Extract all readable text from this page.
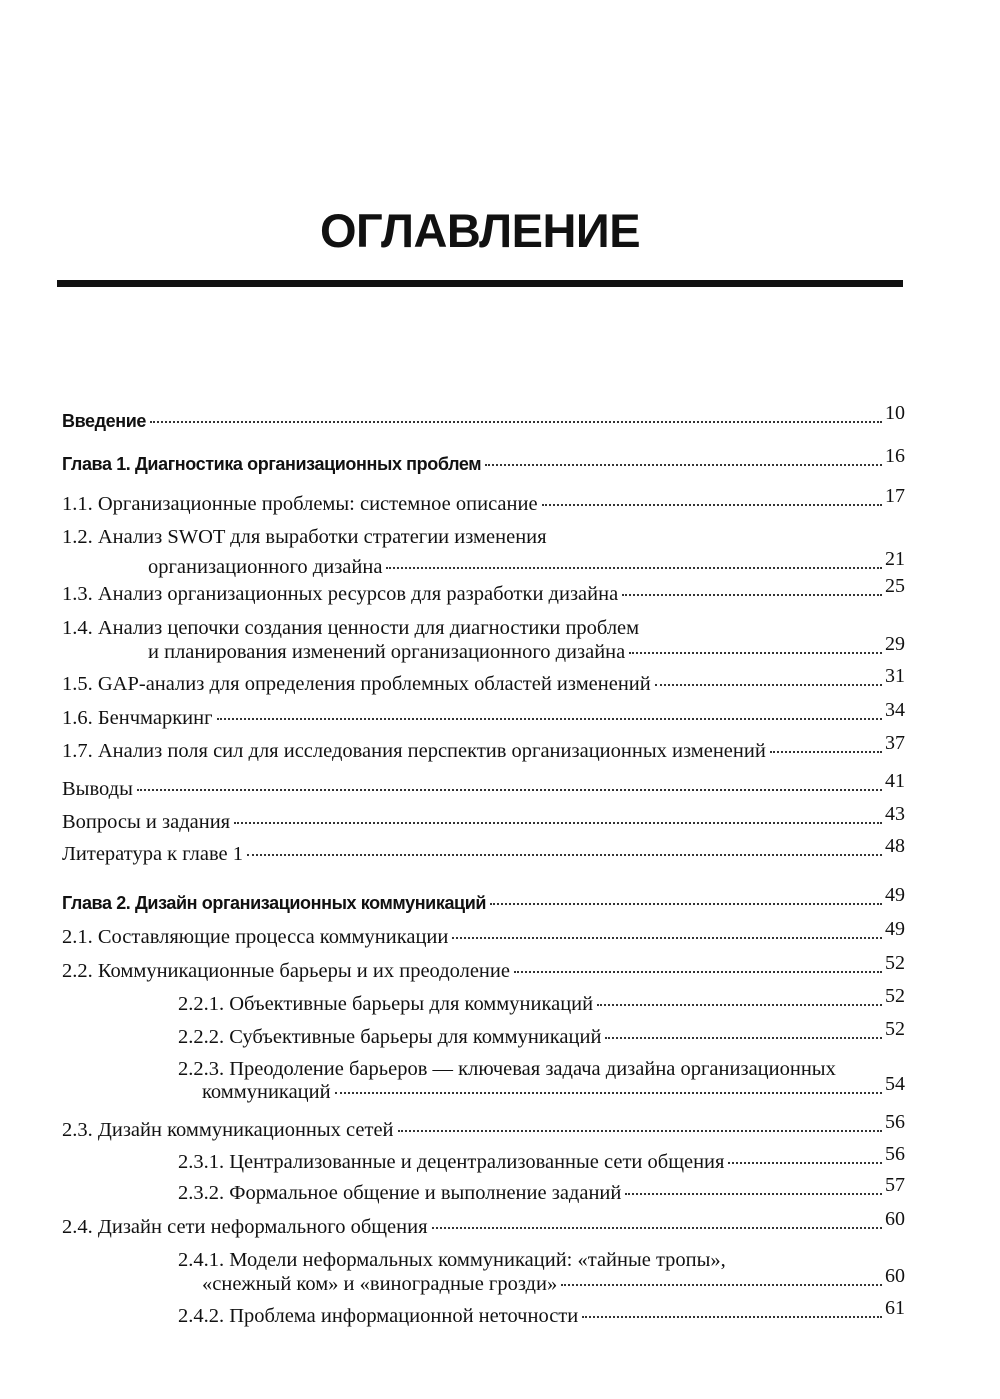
ОГЛАВЛЕНИЕ
Введение	10
Глава 1. Диагностика организационных проблем	16
1.1. Организационные проблемы: системное описание	17
1.2. Анализ SWOT для выработки стратегии изменения
организационного дизайна	21
1.3. Анализ организационных ресурсов для разработки дизайна	25
1.4. Анализ цепочки создания ценности для диагностики проблем
и планирования изменений организационного дизайна	29
1.5. GAP-анализ для определения проблемных областей изменений	31
1.6. Бенчмаркинг	34
1.7. Анализ поля сил для исследования перспектив организационных изменений	37
Выводы	41
Вопросы и задания	43
Литература к главе 1	48
Глава 2. Дизайн организационных коммуникаций	49
2.1. Составляющие процесса коммуникации	49
2.2. Коммуникационные барьеры и их преодоление	52
2.2.1. Объективные барьеры для коммуникаций	52
2.2.2. Субъективные барьеры для коммуникаций	52
2.2.3. Преодоление барьеров — ключевая задача дизайна организационных
коммуникаций	54
2.3. Дизайн коммуникационных сетей	56
2.3.1. Централизованные и децентрализованные сети общения	56
2.3.2. Формальное общение и выполнение заданий	57
2.4. Дизайн сети неформального общения	60
2.4.1. Модели неформальных коммуникаций: «тайные тропы»,
«снежный ком» и «виноградные грозди»	60
2.4.2. Проблема информационной неточности	61
